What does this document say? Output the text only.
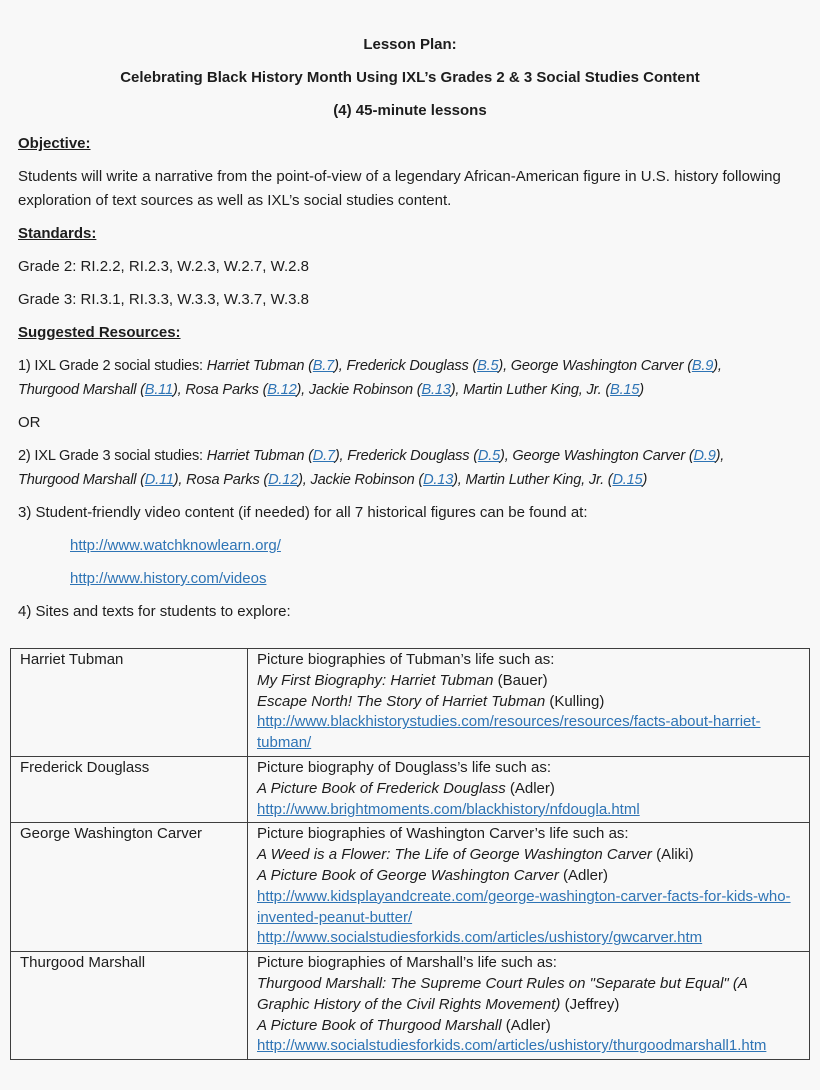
Lesson Plan:

Celebrating Black History Month Using IXL’s Grades 2 & 3 Social Studies Content

(4) 45-minute lessons

Objective:

Students will write a narrative from the point-of-view of a legendary African-American figure in U.S. history following exploration of text sources as well as IXL’s social studies content.

Standards:

Grade 2: RI.2.2, RI.2.3, W.2.3, W.2.7, W.2.8

Grade 3: RI.3.1, RI.3.3, W.3.3, W.3.7, W.3.8

Suggested Resources:

1) IXL Grade 2 social studies: Harriet Tubman (B.7), Frederick Douglass (B.5), George Washington Carver (B.9),
Thurgood Marshall (B.11), Rosa Parks (B.12), Jackie Robinson (B.13), Martin Luther King, Jr. (B.15)

OR

2) IXL Grade 3 social studies: Harriet Tubman (D.7), Frederick Douglass (D.5), George Washington Carver (D.9),
Thurgood Marshall (D.11), Rosa Parks (D.12), Jackie Robinson (D.13), Martin Luther King, Jr. (D.15)

3) Student-friendly video content (if needed) for all 7 historical figures can be found at:

http://www.watchknowlearn.org/

http://www.history.com/videos

4) Sites and texts for students to explore:

Harriet Tubman	Picture biographies of Tubman’s life such as:
My First Biography: Harriet Tubman (Bauer)
Escape North! The Story of Harriet Tubman (Kulling)
http://www.blackhistorystudies.com/resources/resources/facts-about-harriet-tubman/

Frederick Douglass	Picture biography of Douglass’s life such as:
A Picture Book of Frederick Douglass (Adler)
http://www.brightmoments.com/blackhistory/nfdougla.html

George Washington Carver	Picture biographies of Washington Carver’s life such as:
A Weed is a Flower: The Life of George Washington Carver (Aliki)
A Picture Book of George Washington Carver (Adler)
http://www.kidsplayandcreate.com/george-washington-carver-facts-for-kids-who-invented-peanut-butter/
http://www.socialstudiesforkids.com/articles/ushistory/gwcarver.htm

Thurgood Marshall	Picture biographies of Marshall’s life such as:
Thurgood Marshall: The Supreme Court Rules on "Separate but Equal" (A Graphic History of the Civil Rights Movement) (Jeffrey)
A Picture Book of Thurgood Marshall (Adler)
http://www.socialstudiesforkids.com/articles/ushistory/thurgoodmarshall1.htm
